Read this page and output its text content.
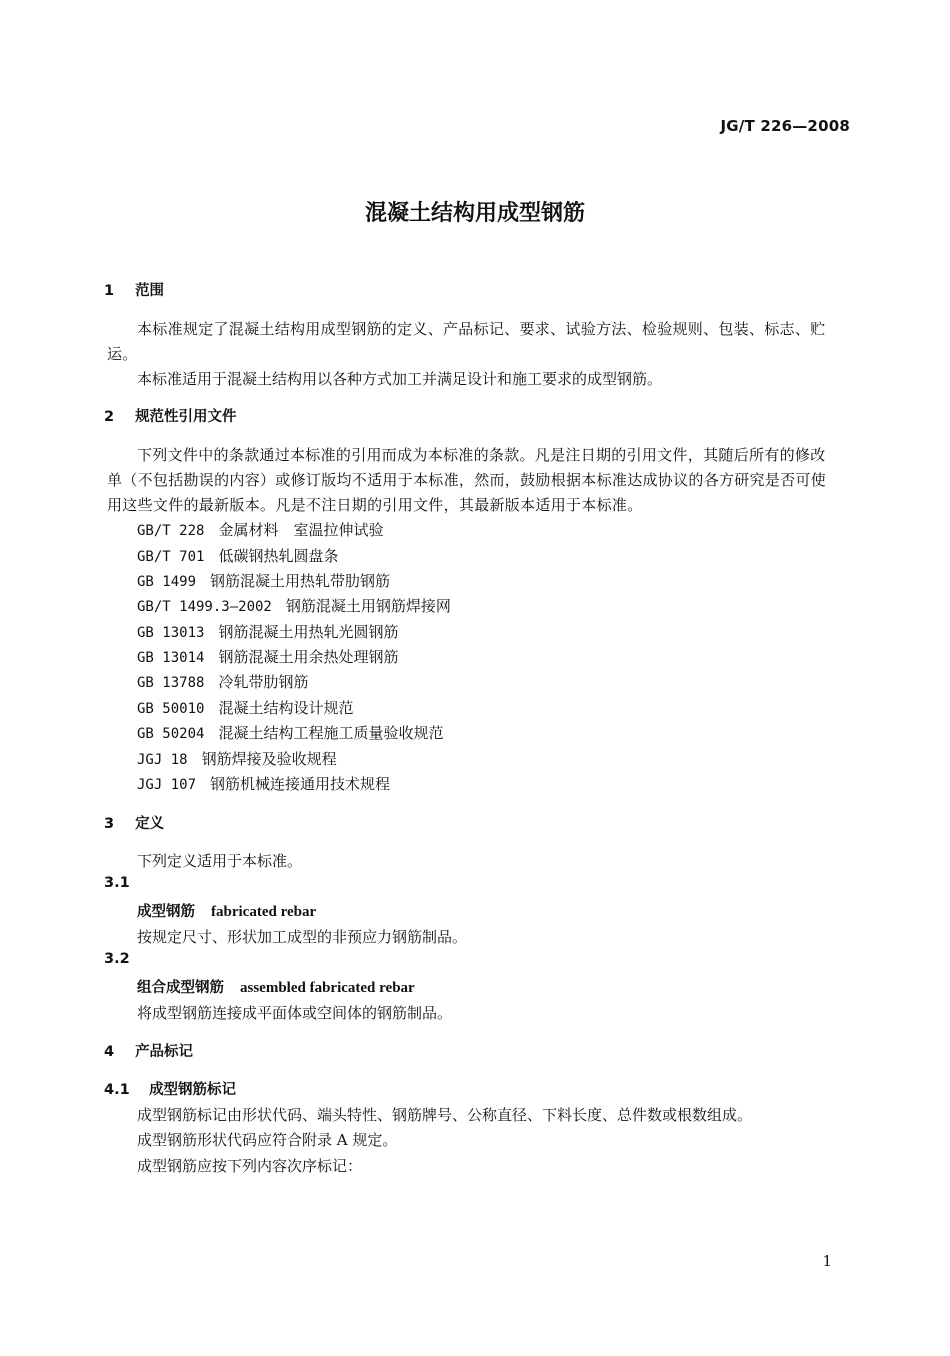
JG/T 226—2008
混凝土结构用成型钢筋
1 范围
本标准规定了混凝土结构用成型钢筋的定义、产品标记、要求、试验方法、检验规则、包装、标志、贮运。
本标准适用于混凝土结构用以各种方式加工并满足设计和施工要求的成型钢筋。
2 规范性引用文件
下列文件中的条款通过本标准的引用而成为本标准的条款。凡是注日期的引用文件，其随后所有的修改单（不包括勘误的内容）或修订版均不适用于本标准，然而，鼓励根据本标准达成协议的各方研究是否可使用这些文件的最新版本。凡是不注日期的引用文件，其最新版本适用于本标准。
GB/T 228 金属材料　室温拉伸试验
GB/T 701 低碳钢热轧圆盘条
GB 1499 钢筋混凝土用热轧带肋钢筋
GB/T 1499.3—2002 钢筋混凝土用钢筋焊接网
GB 13013 钢筋混凝土用热轧光圆钢筋
GB 13014 钢筋混凝土用余热处理钢筋
GB 13788 冷轧带肋钢筋
GB 50010 混凝土结构设计规范
GB 50204 混凝土结构工程施工质量验收规范
JGJ 18 钢筋焊接及验收规程
JGJ 107 钢筋机械连接通用技术规程
3 定义
下列定义适用于本标准。
3.1
成型钢筋 fabricated rebar
按规定尺寸、形状加工成型的非预应力钢筋制品。
3.2
组合成型钢筋 assembled fabricated rebar
将成型钢筋连接成平面体或空间体的钢筋制品。
4 产品标记
4.1 成型钢筋标记
成型钢筋标记由形状代码、端头特性、钢筋牌号、公称直径、下料长度、总件数或根数组成。
成型钢筋形状代码应符合附录 A 规定。
成型钢筋应按下列内容次序标记：
1
